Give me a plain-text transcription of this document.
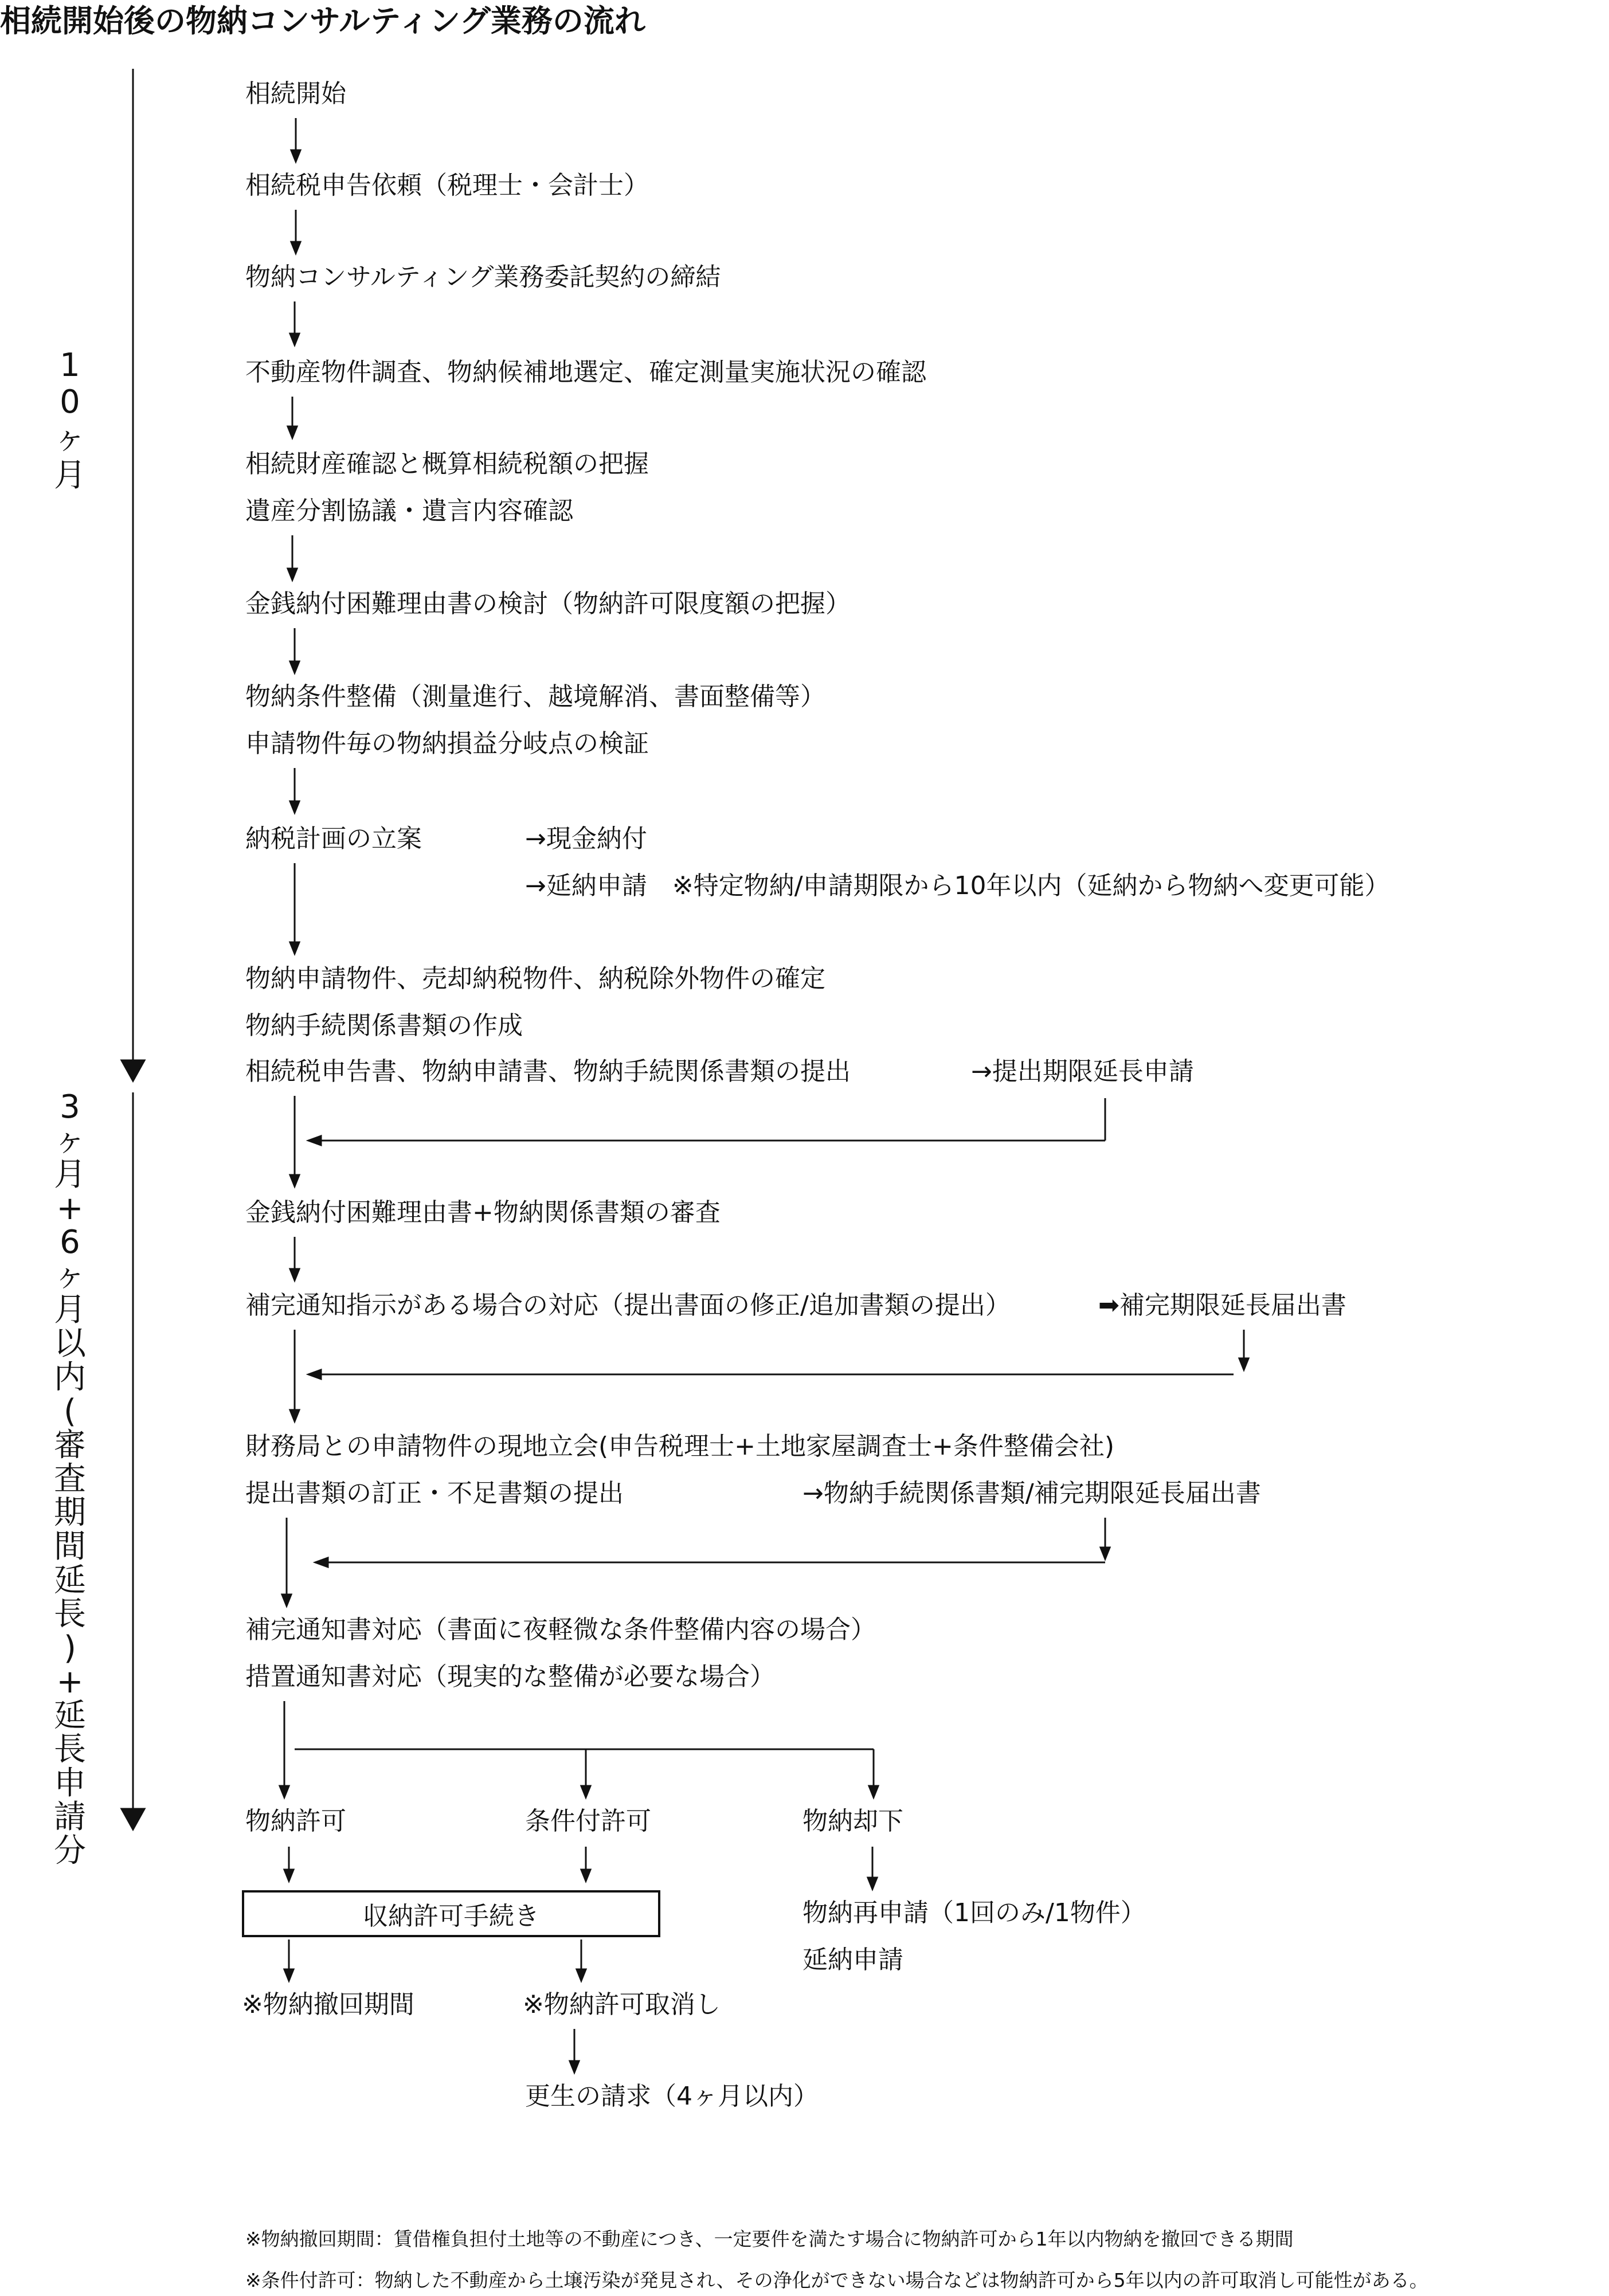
相続開始後の物納コンサルティング業務の流れ
1
0
ヶ
月
3
ヶ
月
+
6
ヶ
月
以
内
(
審
査
期
間
延
長
)
+
延
長
申
請
分
相続開始
相続税申告依頼（税理士・会計士）
物納コンサルティング業務委託契約の締結
不動産物件調査、物納候補地選定、確定測量実施状況の確認
相続財産確認と概算相続税額の把握
遺産分割協議・遺言内容確認
金銭納付困難理由書の検討（物納許可限度額の把握）
物納条件整備（測量進行、越境解消、書面整備等）
申請物件毎の物納損益分岐点の検証
納税計画の立案	→現金納付
→延納申請　※特定物納/申請期限から10年以内（延納から物納へ変更可能）
物納申請物件、売却納税物件、納税除外物件の確定
物納手続関係書類の作成
相続税申告書、物納申請書、物納手続関係書類の提出	→提出期限延長申請
金銭納付困難理由書+物納関係書類の審査
補完通知指示がある場合の対応（提出書面の修正/追加書類の提出）	➡補完期限延長届出書
財務局との申請物件の現地立会(申告税理士+土地家屋調査士+条件整備会社)
提出書類の訂正・不足書類の提出	→物納手続関係書類/補完期限延長届出書
補完通知書対応（書面に夜軽微な条件整備内容の場合）
措置通知書対応（現実的な整備が必要な場合）
物納許可	条件付許可	物納却下
収納許可手続き	物納再申請（1回のみ/1物件）
延納申請
※物納撤回期間	※物納許可取消し
更生の請求（4ヶ月以内）
※物納撤回期間：賃借権負担付土地等の不動産につき、一定要件を満たす場合に物納許可から1年以内物納を撤回できる期間
※条件付許可：物納した不動産から土壌汚染が発見され、その浄化ができない場合などは物納許可から5年以内の許可取消し可能性がある。
